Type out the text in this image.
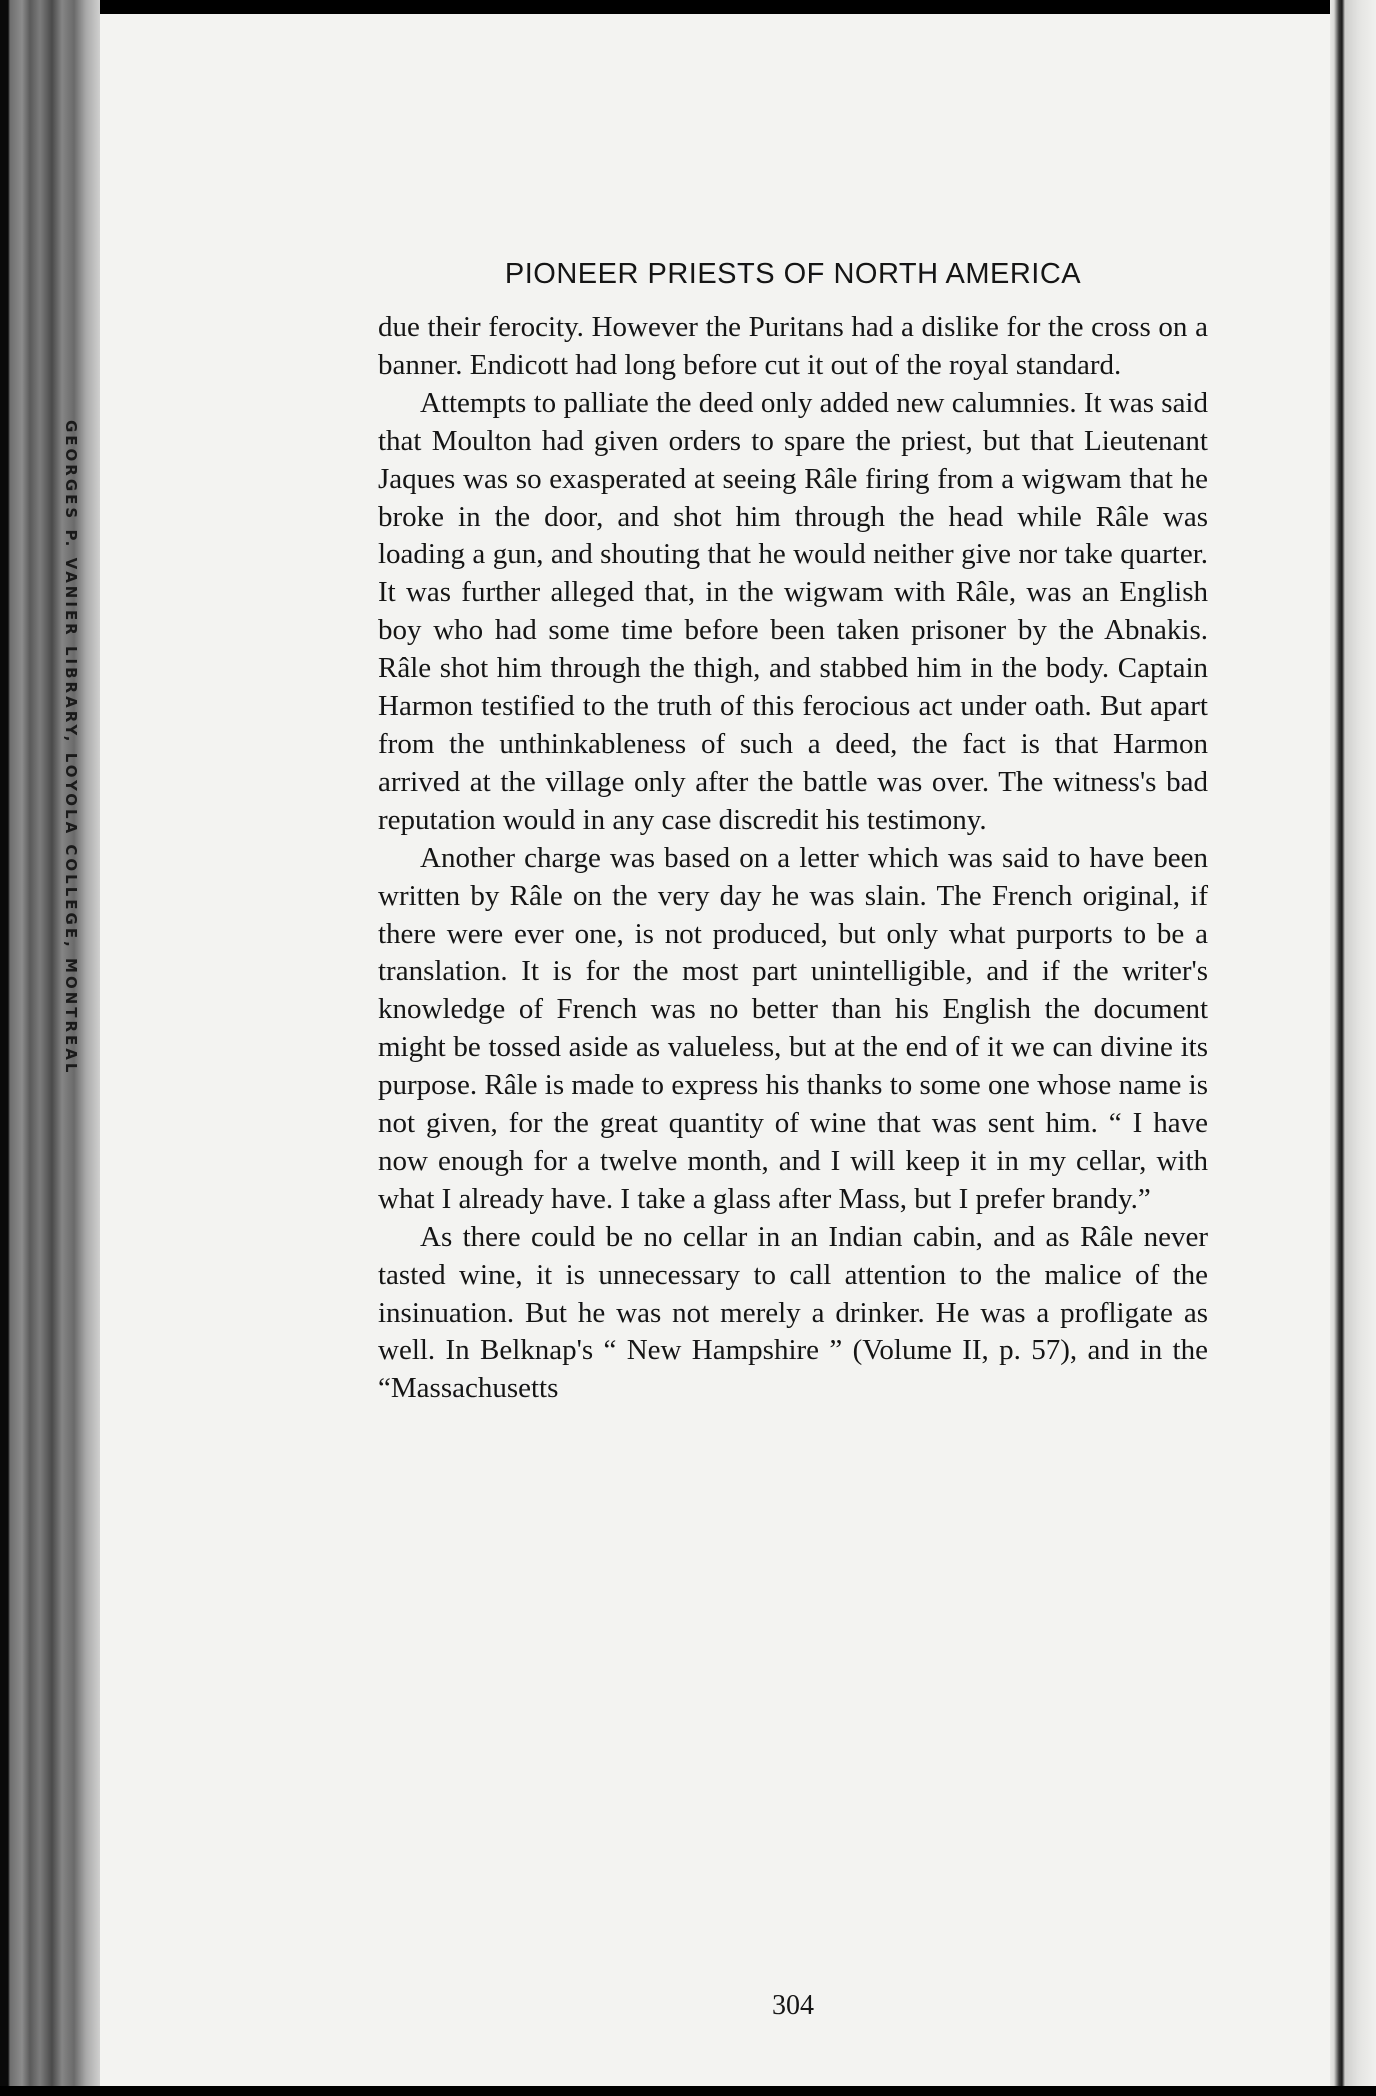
GEORGES P. VANIER LIBRARY, LOYOLA COLLEGE, MONTREAL
PIONEER PRIESTS OF NORTH AMERICA

due their ferocity. However the Puritans had a dislike for the cross on a banner. Endicott had long before cut it out of the royal standard.

Attempts to palliate the deed only added new calumnies. It was said that Moulton had given orders to spare the priest, but that Lieutenant Jaques was so exasperated at seeing Râle firing from a wigwam that he broke in the door, and shot him through the head while Râle was loading a gun, and shouting that he would neither give nor take quarter. It was further alleged that, in the wigwam with Râle, was an English boy who had some time before been taken prisoner by the Abnakis. Râle shot him through the thigh, and stabbed him in the body. Captain Harmon testified to the truth of this ferocious act under oath. But apart from the unthinkableness of such a deed, the fact is that Harmon arrived at the village only after the battle was over. The witness's bad reputation would in any case discredit his testimony.

Another charge was based on a letter which was said to have been written by Râle on the very day he was slain. The French original, if there were ever one, is not produced, but only what purports to be a translation. It is for the most part unintelligible, and if the writer's knowledge of French was no better than his English the document might be tossed aside as valueless, but at the end of it we can divine its purpose. Râle is made to express his thanks to some one whose name is not given, for the great quantity of wine that was sent him. “ I have now enough for a twelve month, and I will keep it in my cellar, with what I already have. I take a glass after Mass, but I prefer brandy.”

As there could be no cellar in an Indian cabin, and as Râle never tasted wine, it is unnecessary to call attention to the malice of the insinuation. But he was not merely a drinker. He was a profligate as well. In Belknap's “ New Hampshire ” (Volume II, p. 57), and in the “Massachusetts

304
